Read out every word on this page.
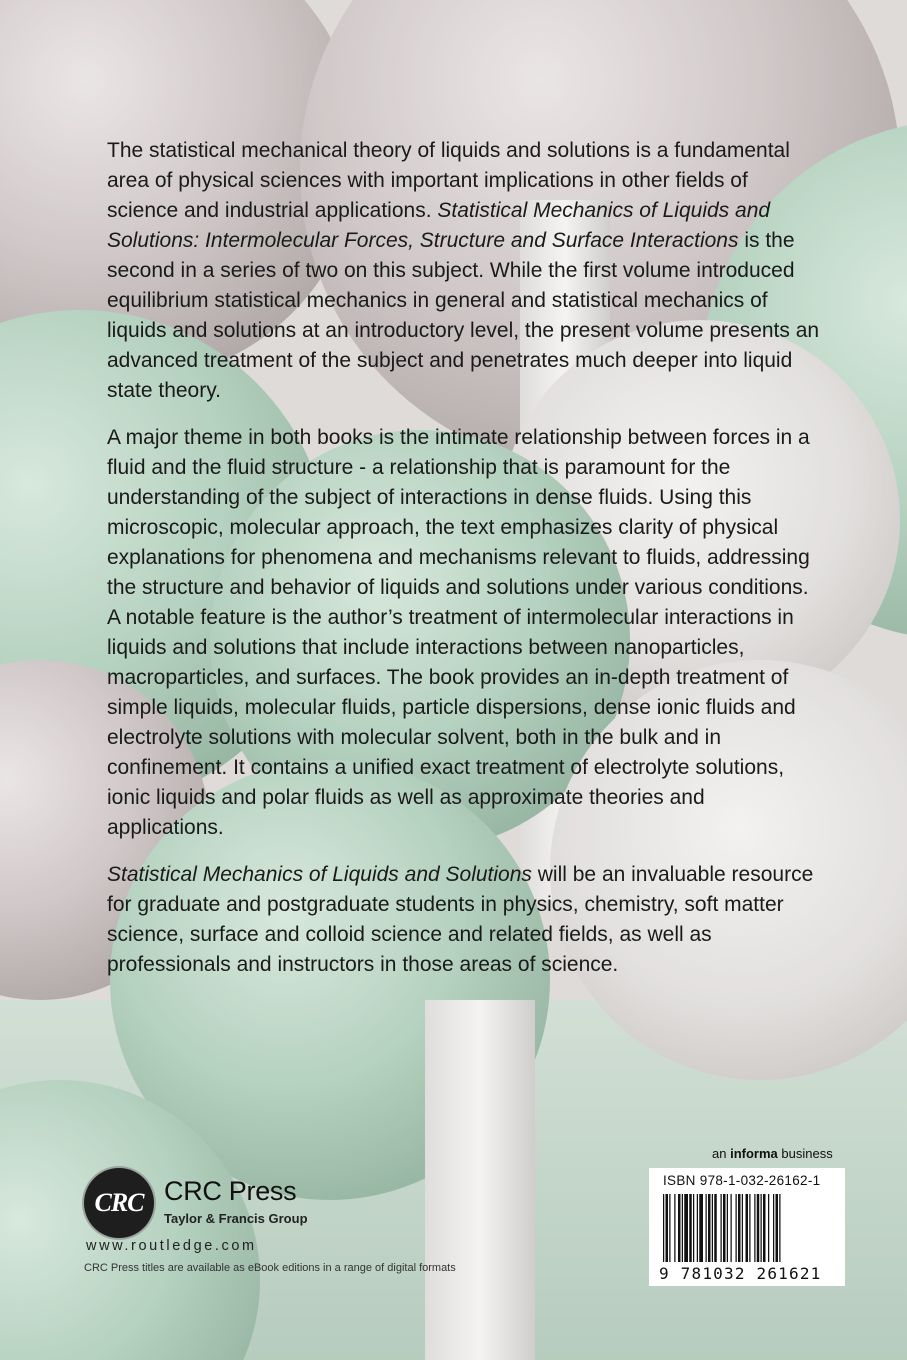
The statistical mechanical theory of liquids and solutions is a fundamental area of physical sciences with important implications in other fields of science and industrial applications. Statistical Mechanics of Liquids and Solutions: Intermolecular Forces, Structure and Surface Interactions is the second in a series of two on this subject. While the first volume introduced equilibrium statistical mechanics in general and statistical mechanics of liquids and solutions at an introductory level, the present volume presents an advanced treatment of the subject and penetrates much deeper into liquid state theory.

A major theme in both books is the intimate relationship between forces in a fluid and the fluid structure - a relationship that is paramount for the understanding of the subject of interactions in dense fluids. Using this microscopic, molecular approach, the text emphasizes clarity of physical explanations for phenomena and mechanisms relevant to fluids, addressing the structure and behavior of liquids and solutions under various conditions. A notable feature is the author’s treatment of intermolecular interactions in liquids and solutions that include interactions between nanoparticles, macroparticles, and surfaces. The book provides an in-depth treatment of simple liquids, molecular fluids, particle dispersions, dense ionic fluids and electrolyte solutions with molecular solvent, both in the bulk and in confinement. It contains a unified exact treatment of electrolyte solutions, ionic liquids and polar fluids as well as approximate theories and applications.

Statistical Mechanics of Liquids and Solutions will be an invaluable resource for graduate and postgraduate students in physics, chemistry, soft matter science, surface and colloid science and related fields, as well as professionals and instructors in those areas of science.

CRC CRC Press
Taylor & Francis Group
www.routledge.com
CRC Press titles are available as eBook editions in a range of digital formats
an informa business
ISBN 978-1-032-26162-1
9 781032 261621
